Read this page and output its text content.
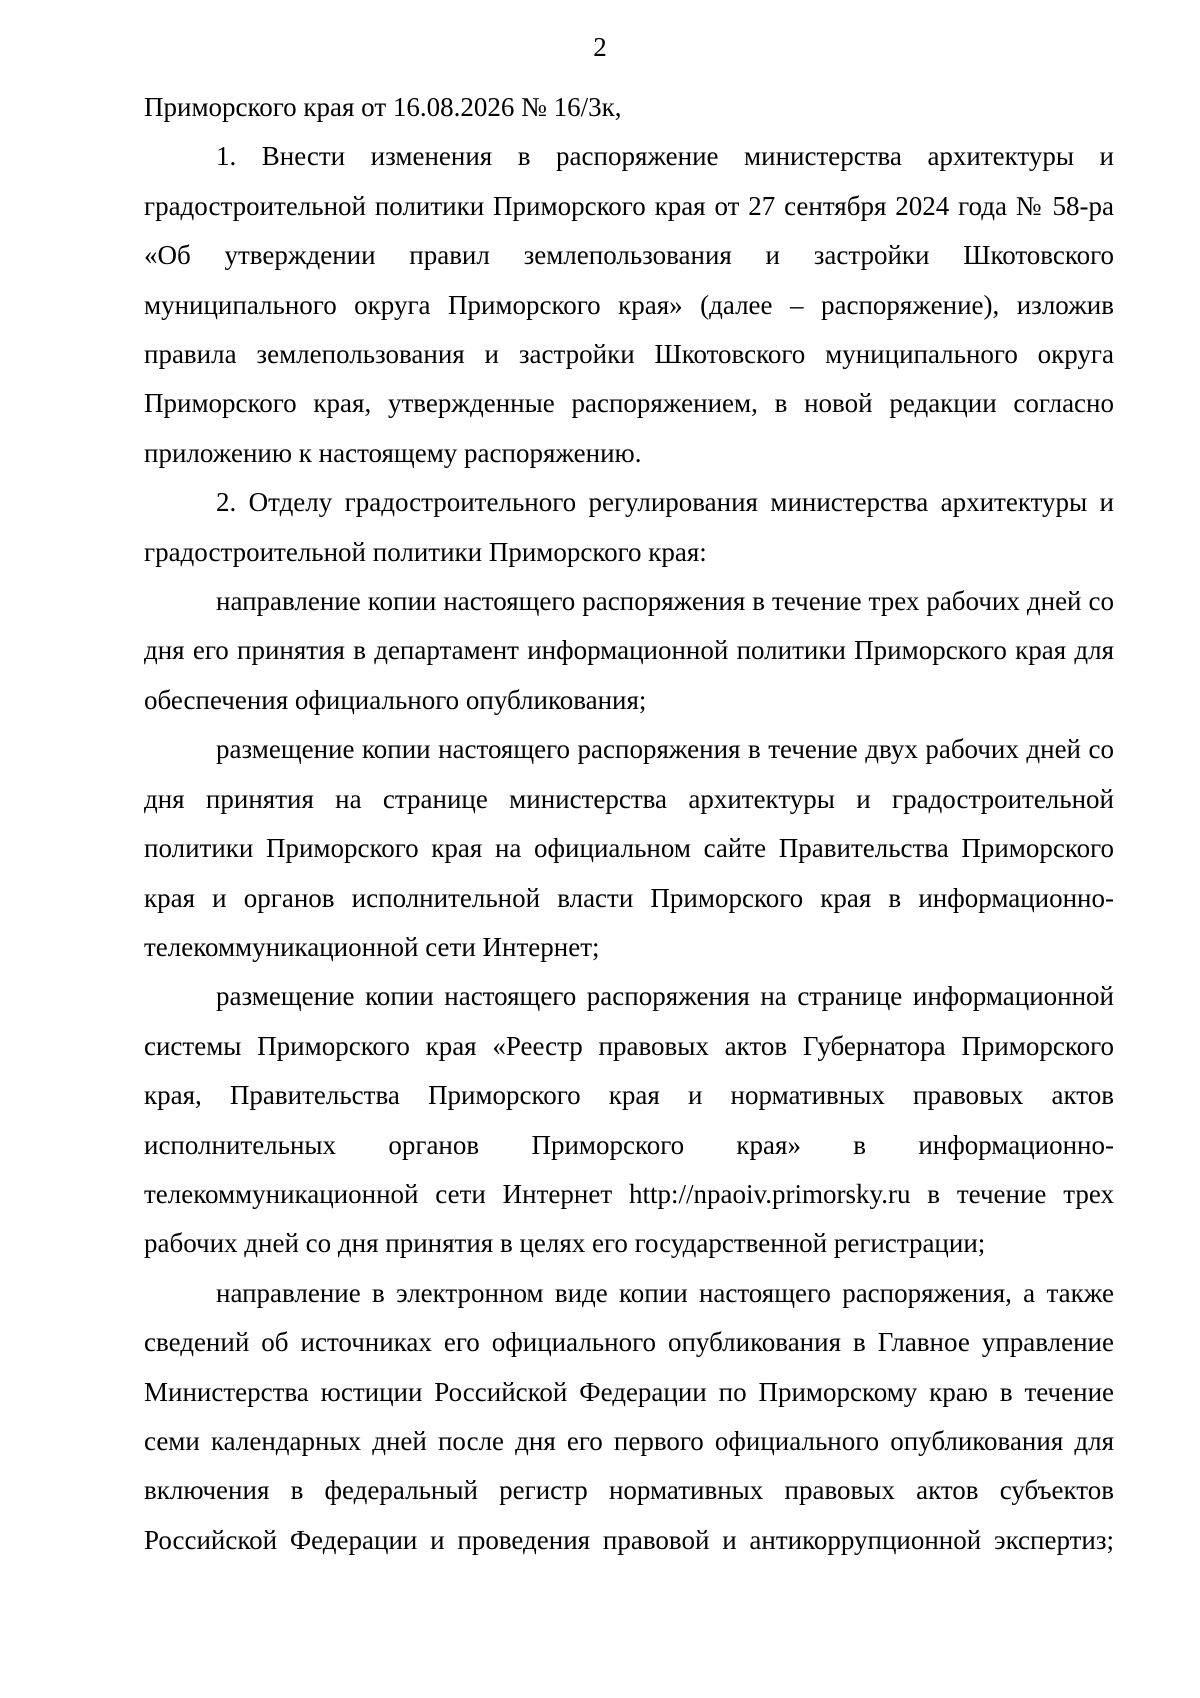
2

Приморского края от 16.08.2026 № 16/3к,

1. Внести изменения в распоряжение министерства архитектуры и градостроительной политики Приморского края от 27 сентября 2024 года № 58-ра «Об утверждении правил землепользования и застройки Шкотовского муниципального округа Приморского края» (далее – распоряжение), изложив правила землепользования и застройки Шкотовского муниципального округа Приморского края, утвержденные распоряжением, в новой редакции согласно приложению к настоящему распоряжению.

2. Отделу градостроительного регулирования министерства архитектуры и градостроительной политики Приморского края:

направление копии настоящего распоряжения в течение трех рабочих дней со дня его принятия в департамент информационной политики Приморского края для обеспечения официального опубликования;

размещение копии настоящего распоряжения в течение двух рабочих дней со дня принятия на странице министерства архитектуры и градостроительной политики Приморского края на официальном сайте Правительства Приморского края и органов исполнительной власти Приморского края в информационно-телекоммуникационной сети Интернет;

размещение копии настоящего распоряжения на странице информационной системы Приморского края «Реестр правовых актов Губернатора Приморского края, Правительства Приморского края и нормативных правовых актов исполнительных органов Приморского края» в информационно-телекоммуникационной сети Интернет http://npaoiv.primorsky.ru в течение трех рабочих дней со дня принятия в целях его государственной регистрации;

направление в электронном виде копии настоящего распоряжения, а также сведений об источниках его официального опубликования в Главное управление Министерства юстиции Российской Федерации по Приморскому краю в течение семи календарных дней после дня его первого официального опубликования для включения в федеральный регистр нормативных правовых актов субъектов Российской Федерации и проведения правовой и антикоррупционной экспертиз;
